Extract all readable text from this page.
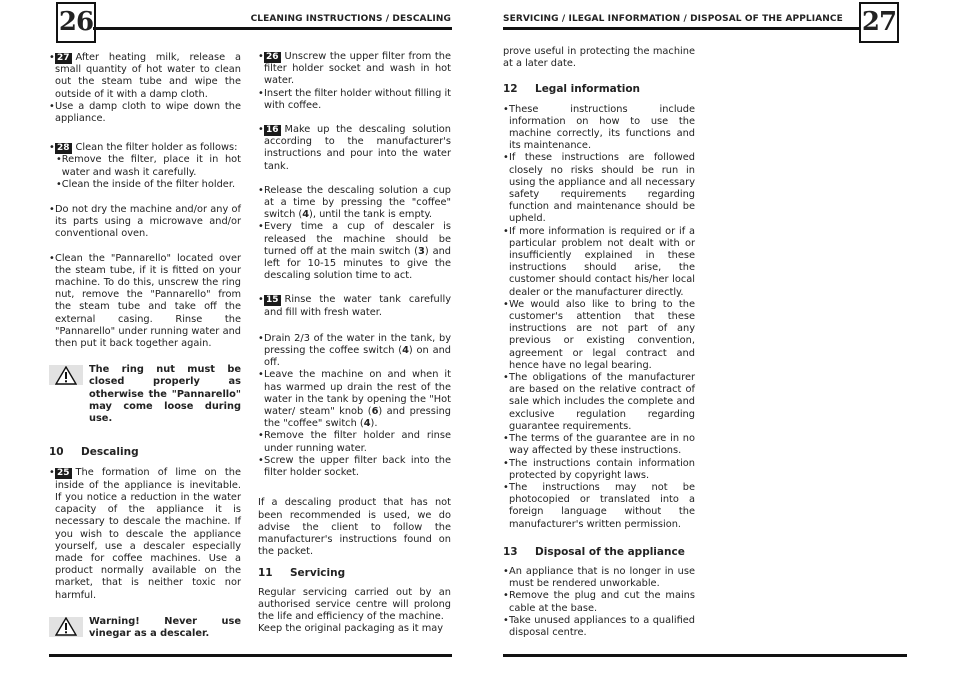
26	CLEANING INSTRUCTIONS / DESCALING
• 27 After heating milk, release a small quantity of hot water to clean out the steam tube and wipe the outside of it with a damp cloth.
• Use a damp cloth to wipe down the appliance.
• 28 Clean the filter holder as follows:
• Remove the filter, place it in hot water and wash it carefully.
• Clean the inside of the filter holder.
• Do not dry the machine and/or any of its parts using a microwave and/or conventional oven.
• Clean the "Pannarello" located over the steam tube, if it is fitted on your machine. To do this, unscrew the ring nut, remove the "Pannarello" from the steam tube and take off the external casing. Rinse the "Pannarello" under running water and then put it back together again.
The ring nut must be closed properly as otherwise the "Pannarello" may come loose during use.
10	Descaling
• 25 The formation of lime on the inside of the appliance is inevitable. If you notice a reduction in the water capacity of the appliance it is necessary to descale the machine. If you wish to descale the appliance yourself, use a descaler especially made for coffee machines. Use a product normally available on the market, that is neither toxic nor harmful.
Warning! Never use vinegar as a descaler.
• 26 Unscrew the upper filter from the filter holder socket and wash in hot water.
• Insert the filter holder without filling it with coffee.
• 16 Make up the descaling solution according to the manufacturer's instructions and pour into the water tank.
• Release the descaling solution a cup at a time by pressing the "coffee" switch (4), until the tank is empty.
• Every time a cup of descaler is released the machine should be turned off at the main switch (3) and left for 10-15 minutes to give the descaling solution time to act.
• 15 Rinse the water tank carefully and fill with fresh water.
• Drain 2/3 of the water in the tank, by pressing the coffee switch (4) on and off.
• Leave the machine on and when it has warmed up drain the rest of the water in the tank by opening the "Hot water/ steam" knob (6) and pressing the "coffee" switch (4).
• Remove the filter holder and rinse under running water.
• Screw the upper filter back into the filter holder socket.

If a descaling product that has not been recommended is used, we do advise the client to follow the manufacturer's instructions found on the packet.

11	Servicing

Regular servicing carried out by an authorised service centre will prolong the life and efficiency of the machine.

Keep the original packaging as it may

SERVICING / ILEGAL INFORMATION / DISPOSAL OF THE APPLIANCE 27

prove useful in protecting the machine at a later date.

12	Legal information
• These instructions include information on how to use the machine correctly, its functions and its maintenance.
• If these instructions are followed closely no risks should be run in using the appliance and all necessary safety requirements regarding function and maintenance should be upheld.
• If more information is required or if a particular problem not dealt with or insufficiently explained in these instructions should arise, the customer should contact his/her local dealer or the manufacturer directly.
• We would also like to bring to the customer's attention that these instructions are not part of any previous or existing convention, agreement or legal contract and hence have no legal bearing.
• The obligations of the manufacturer are based on the relative contract of sale which includes the complete and exclusive regulation regarding guarantee requirements.
• The terms of the guarantee are in no way affected by these instructions.
• The instructions contain information protected by copyright laws.
• The instructions may not be photocopied or translated into a foreign language without the manufacturer's written permission.
13	Disposal of the appliance
• An appliance that is no longer in use must be rendered unworkable.
• Remove the plug and cut the mains cable at the base.
• Take unused appliances to a qualified disposal centre.
